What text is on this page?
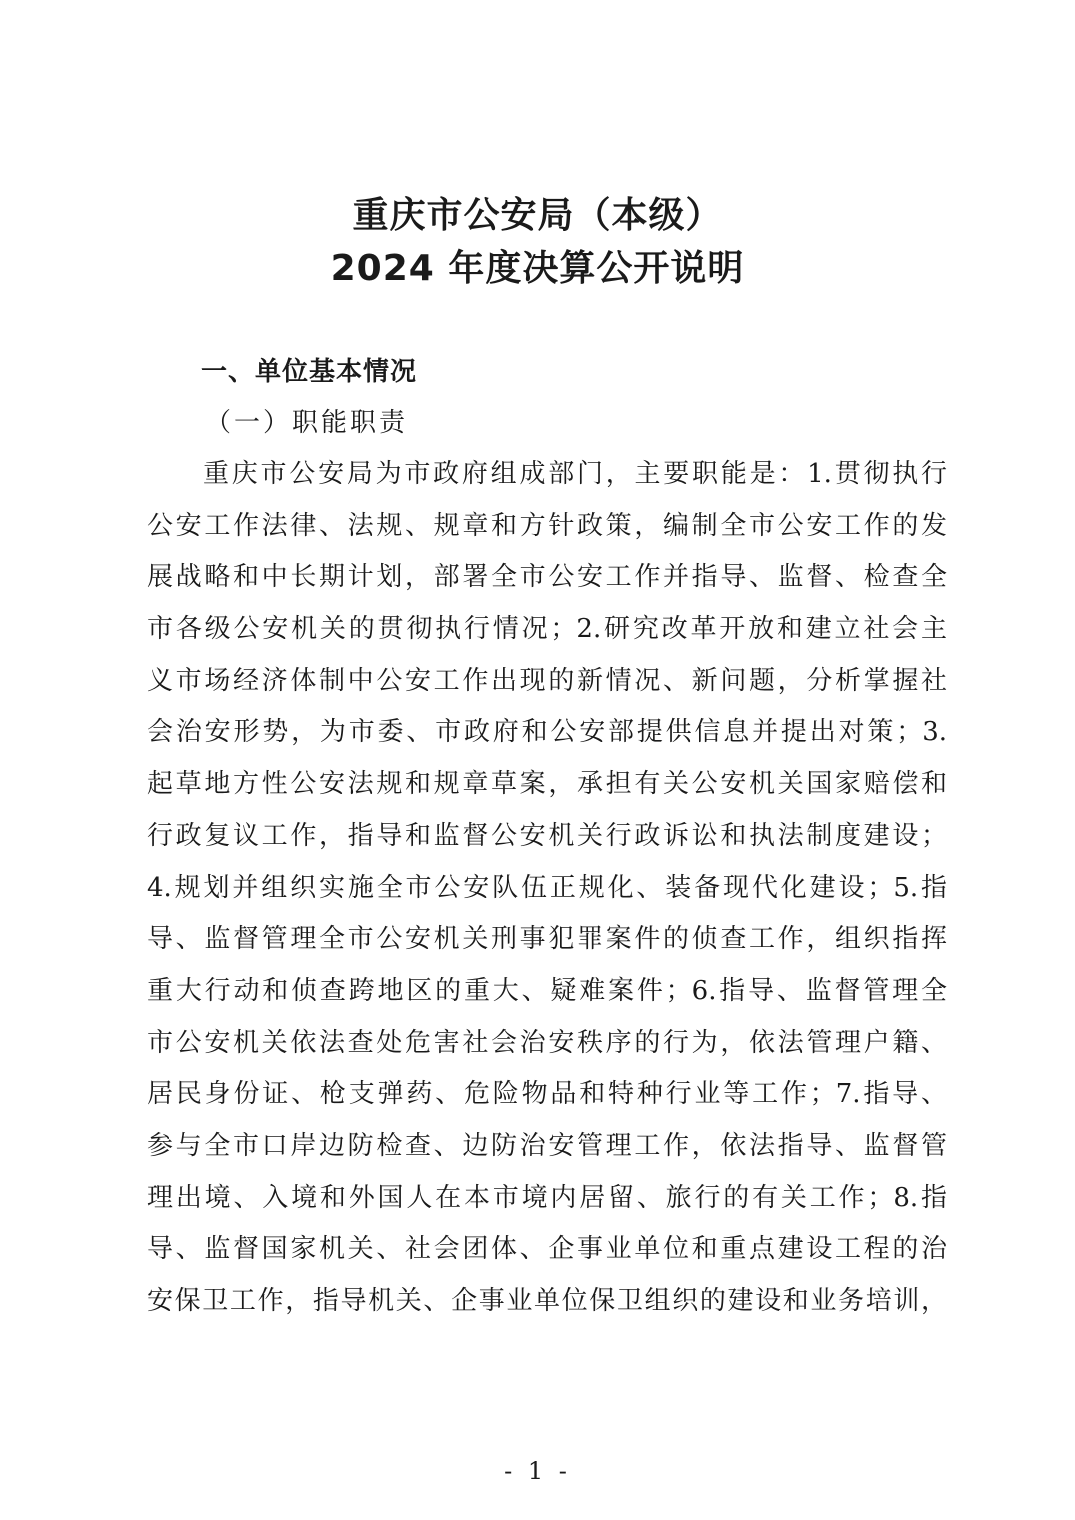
重庆市公安局（本级）
2024 年度决算公开说明
一、单位基本情况
（一）职能职责
重庆市公安局为市政府组成部门，主要职能是：1.贯彻执行
公安工作法律、法规、规章和方针政策，编制全市公安工作的发
展战略和中长期计划，部署全市公安工作并指导、监督、检查全
市各级公安机关的贯彻执行情况；2.研究改革开放和建立社会主
义市场经济体制中公安工作出现的新情况、新问题，分析掌握社
会治安形势，为市委、市政府和公安部提供信息并提出对策；3.
起草地方性公安法规和规章草案，承担有关公安机关国家赔偿和
行政复议工作，指导和监督公安机关行政诉讼和执法制度建设；
4.规划并组织实施全市公安队伍正规化、装备现代化建设；5.指
导、监督管理全市公安机关刑事犯罪案件的侦查工作，组织指挥
重大行动和侦查跨地区的重大、疑难案件；6.指导、监督管理全
市公安机关依法查处危害社会治安秩序的行为，依法管理户籍、
居民身份证、枪支弹药、危险物品和特种行业等工作；7.指导、
参与全市口岸边防检查、边防治安管理工作，依法指导、监督管
理出境、入境和外国人在本市境内居留、旅行的有关工作；8.指
导、监督国家机关、社会团体、企事业单位和重点建设工程的治
安保卫工作，指导机关、企事业单位保卫组织的建设和业务培训，
- 1 -
